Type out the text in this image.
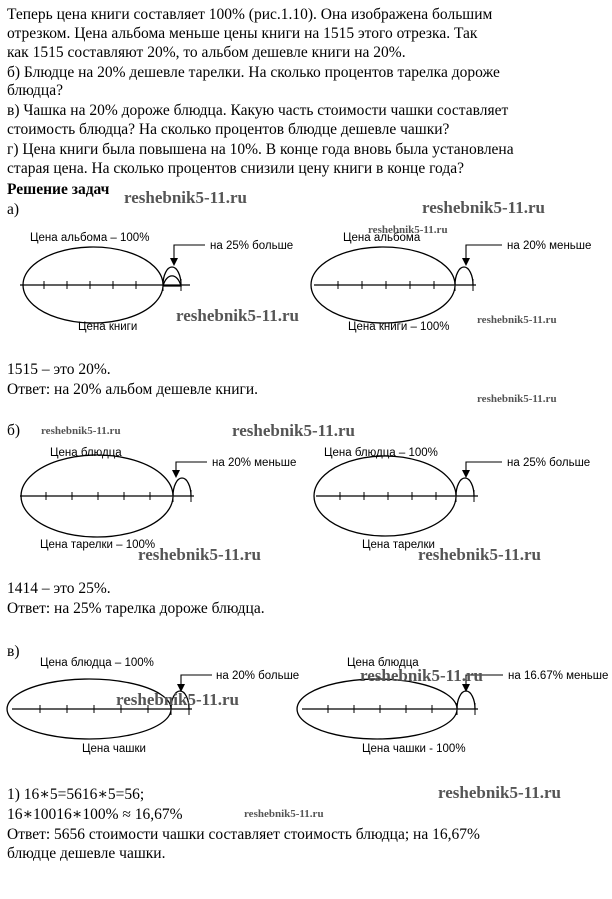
Теперь цена книги составляет 100% (рис.1.10). Она изображена большим
отрезком. Цена альбома меньше цены книги на 1515 этого отрезка. Так
как 1515 составляют 20%, то альбом дешевле книги на 20%.
б) Блюдце на 20% дешевле тарелки. На сколько процентов тарелка дороже
блюдца?
в) Чашка на 20% дороже блюдца. Какую часть стоимости чашки составляет
стоимость блюдца? На сколько процентов блюдце дешевле чашки?
г) Цена книги была повышена на 10%. В конце года вновь была установлена
старая цена. На сколько процентов снизили цену книги в конце года?
Решение задач
а)
Цена альбома – 100%
на 25% больше
Цена книги
Цена альбома
на 20% меньше
Цена книги – 100%
1515 – это 20%.
Ответ: на 20% альбом дешевле книги.
б)
Цена блюдца
на 20% меньше
Цена тарелки – 100%
Цена блюдца – 100%
на 25% больше
Цена тарелки
1414 – это 25%.
Ответ: на 25% тарелка дороже блюдца.
в)
Цена блюдца – 100%
на 20% больше
Цена чашки
Цена блюдца
на 16.67% меньше
Цена чашки - 100%
1) 16∗5=5616∗5=56;
16∗10016∗100% ≈ 16,67%
Ответ: 5656 стоимости чашки составляет стоимость блюдца; на 16,67%
блюдце дешевле чашки.
reshebnik5-11.ru
reshebnik5-11.ru
reshebnik5-11.ru
reshebnik5-11.ru	reshebnik5-11.ru
reshebnik5-11.ru
reshebnik5-11.ru	reshebnik5-11.ru
reshebnik5-11.ru	reshebnik5-11.ru
reshebnik5-11.ru
reshebnik5-11.ru
reshebnik5-11.ru
reshebnik5-11.ru
